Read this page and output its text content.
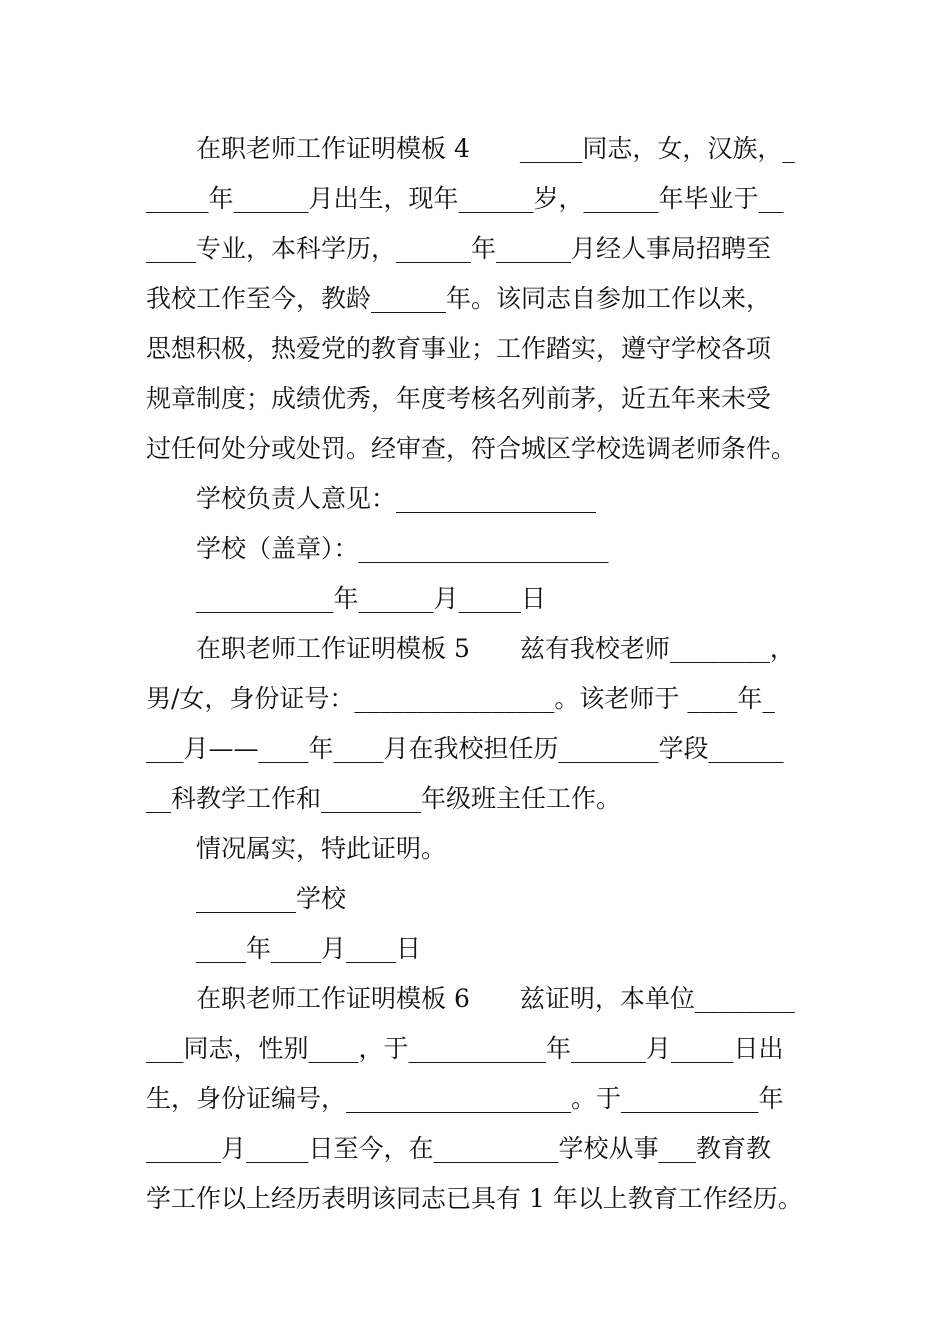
在职老师工作证明模板 4　　_____同志，女，汉族，_
_____年______月出生，现年______岁，______年毕业于__
____专业，本科学历，______年______月经人事局招聘至
我校工作至今，教龄______年。该同志自参加工作以来，
思想积极，热爱党的教育事业；工作踏实，遵守学校各项
规章制度；成绩优秀，年度考核名列前茅，近五年来未受
过任何处分或处罚。经审查，符合城区学校选调老师条件。
学校负责人意见：________________
学校（盖章）：____________________
___________年______月_____日
在职老师工作证明模板 5　　兹有我校老师________，
男/女，身份证号：________________。该老师于 ____年_
___月——____年____月在我校担任历________学段______
__科教学工作和________年级班主任工作。
情况属实，特此证明。
________学校
____年____月____日
在职老师工作证明模板 6　　兹证明，本单位________
___同志，性别____，于___________年______月_____日出
生，身份证编号，__________________。于___________年
______月_____日至今，在__________学校从事___教育教
学工作以上经历表明该同志已具有 1 年以上教育工作经历。
